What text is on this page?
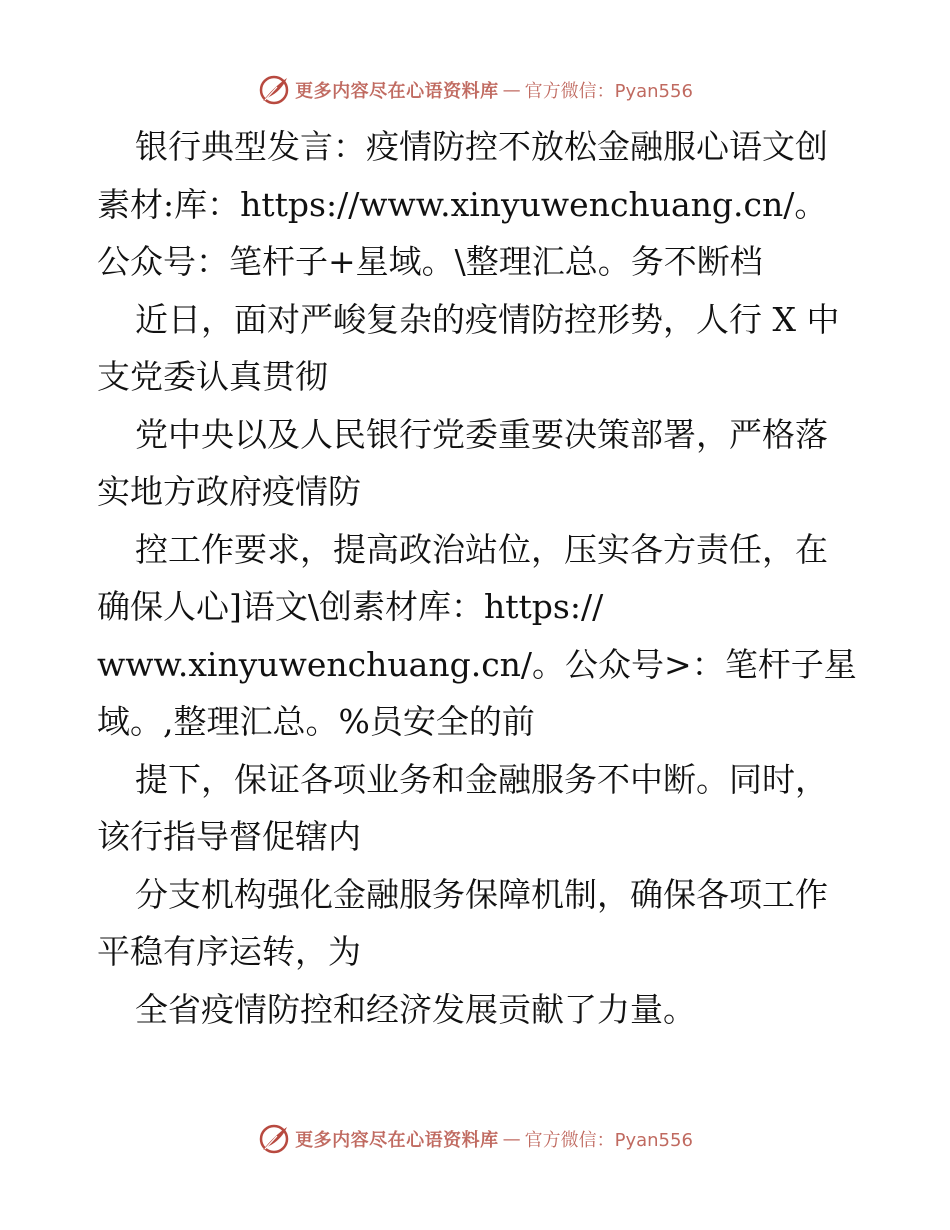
更多内容尽在心语资料库 — 官方微信：Pyan556

银行典型发言：疫情防控不放松金融服心语文创素材:库：https://www.xinyuwenchuang.cn/。公众号：笔杆子+星域。\整理汇总。务不断档

近日，面对严峻复杂的疫情防控形势，人行 X 中支党委认真贯彻

党中央以及人民银行党委重要决策部署，严格落实地方政府疫情防

控工作要求，提高政治站位，压实各方责任，在确保人心]语文\创素材库：https://
www.xinyuwenchuang.cn/。公众号>：笔杆子星域。,整理汇总。%员安全的前

提下，保证各项业务和金融服务不中断。同时，该行指导督促辖内

分支机构强化金融服务保障机制，确保各项工作平稳有序运转，为

全省疫情防控和经济发展贡献了力量。

更多内容尽在心语资料库 — 官方微信：Pyan556
